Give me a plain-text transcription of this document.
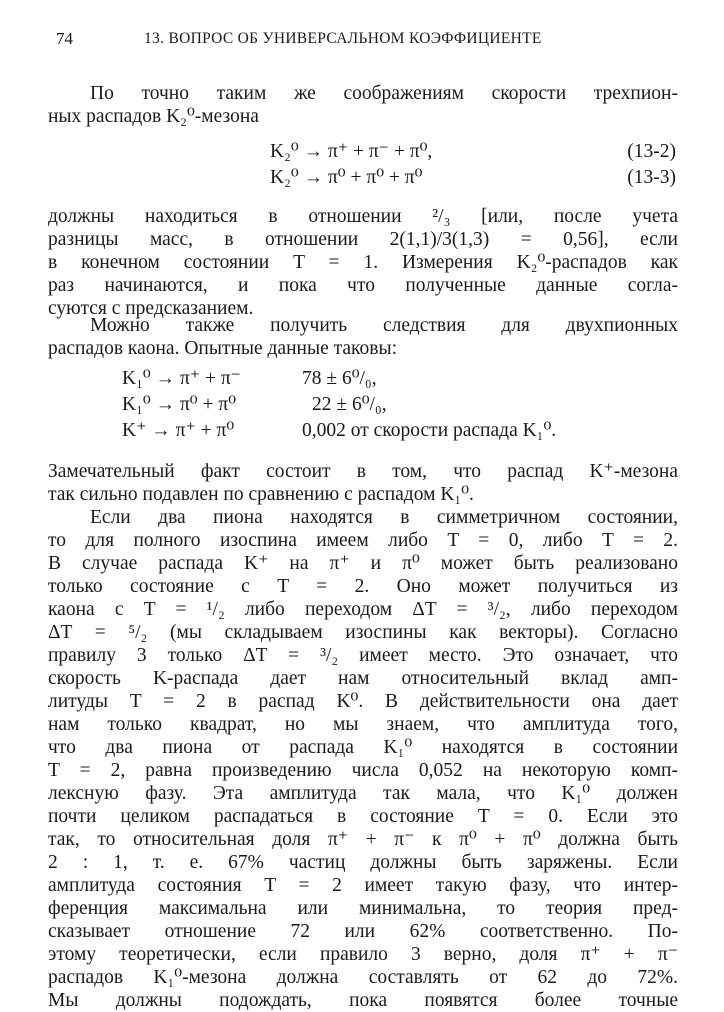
74	13. ВОПРОС ОБ УНИВЕРСАЛЬНОМ КОЭФФИЦИЕНТЕ
По точно таким же соображениям скорости трехпион-
ных распадов K₂⁰-мезона
K₂⁰ → π⁺ + π⁻ + π⁰,	(13-2)
K₂⁰ → π⁰ + π⁰ + π⁰	(13-3)
должны находиться в отношении ²/₃ [или, после учета
разницы масс, в отношении 2(1,1)/3(1,3) = 0,56], если
в конечном состоянии T = 1. Измерения K₂⁰-распадов как
раз начинаются, и пока что полученные данные согла-
суются с предсказанием.
Можно также получить следствия для двухпионных
распадов каона. Опытные данные таковы:
K₁⁰ → π⁺ + π⁻	78 ± 6⁰/₀,
K₁⁰ → π⁰ + π⁰	22 ± 6⁰/₀,
K⁺ → π⁺ + π⁰	0,002 от скорости распада K₁⁰.
Замечательный факт состоит в том, что распад K⁺-мезона
так сильно подавлен по сравнению с распадом K₁⁰.
Если два пиона находятся в симметричном состоянии,
то для полного изоспина имеем либо T = 0, либо T = 2.
В случае распада K⁺ на π⁺ и π⁰ может быть реализовано
только состояние с T = 2. Оно может получиться из
каона с T = ¹/₂ либо переходом ΔT = ³/₂, либо переходом
ΔT = ⁵/₂ (мы складываем изоспины как векторы). Согласно
правилу 3 только ΔT = ³/₂ имеет место. Это означает, что
скорость K-распада дает нам относительный вклад амп-
литуды T = 2 в распад K⁰. В действительности она дает
нам только квадрат, но мы знаем, что амплитуда того,
что два пиона от распада K₁⁰ находятся в состоянии
T = 2, равна произведению числа 0,052 на некоторую комп-
лексную фазу. Эта амплитуда так мала, что K₁⁰ должен
почти целиком распадаться в состояние T = 0. Если это
так, то относительная доля π⁺ + π⁻ к π⁰ + π⁰ должна быть
2 : 1, т. е. 67% частиц должны быть заряжены. Если
амплитуда состояния T = 2 имеет такую фазу, что интер-
ференция максимальна или минимальна, то теория пред-
сказывает отношение 72 или 62% соответственно. По-
этому теоретически, если правило 3 верно, доля π⁺ + π⁻
распадов K₁⁰-мезона должна составлять от 62 до 72%.
Мы должны подождать, пока появятся более точные
